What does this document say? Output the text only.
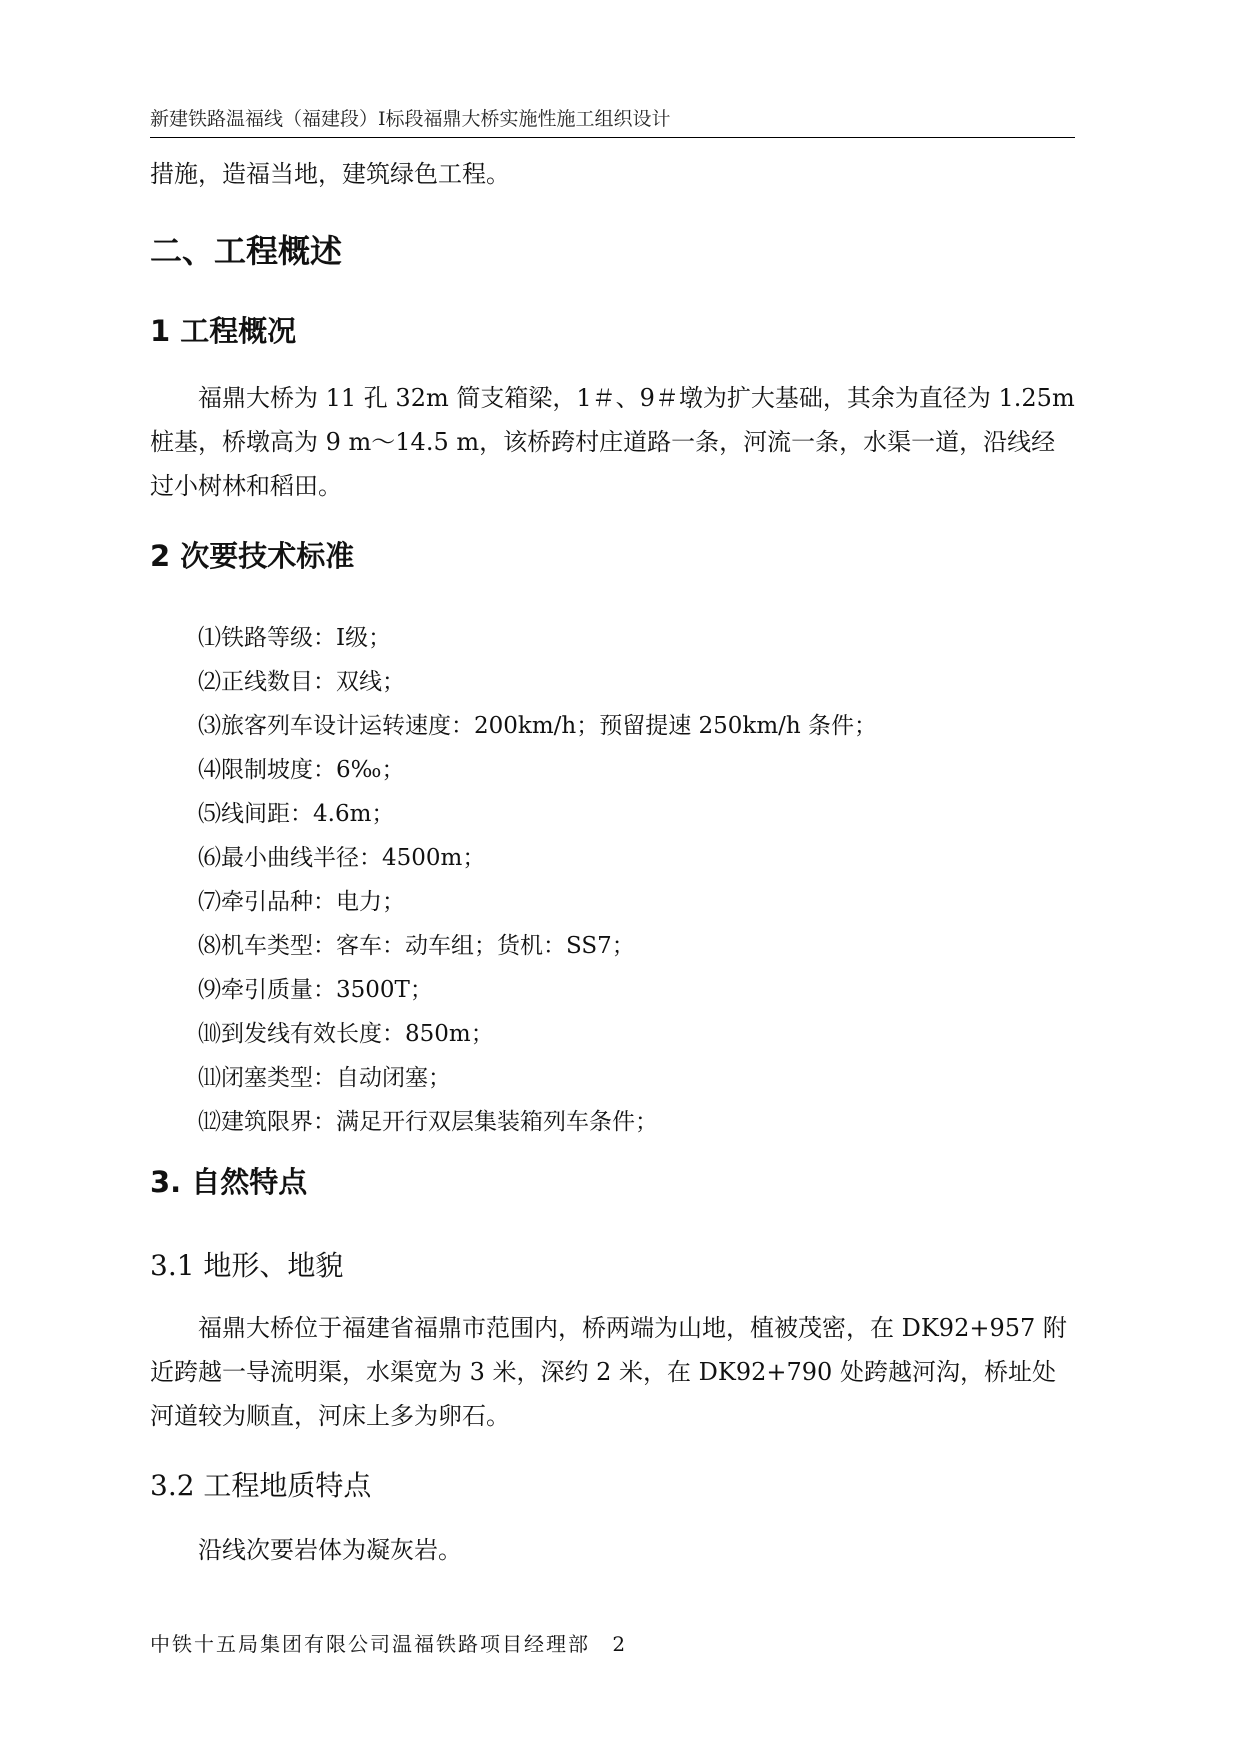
新建铁路温福线（福建段）Ⅰ标段福鼎大桥实施性施工组织设计

措施，造福当地，建筑绿色工程。

二、工程概述
1 工程概况

福鼎大桥为 11 孔 32m 简支箱梁，1＃、9＃墩为扩大基础，其余为直径为 1.25m 桩基，桥墩高为 9 m～14.5 m，该桥跨村庄道路一条，河流一条，水渠一道，沿线经过小树林和稻田。

2 次要技术标准
⑴铁路等级：Ⅰ级；
⑵正线数目：双线；
⑶旅客列车设计运转速度：200km/h；预留提速 250km/h 条件；
⑷限制坡度：6‰；
⑸线间距：4.6m；
⑹最小曲线半径：4500m；
⑺牵引品种：电力；
⑻机车类型：客车：动车组；货机：SS7；
⑼牵引质量：3500T；
⑽到发线有效长度：850m；
⑾闭塞类型：自动闭塞；
⑿建筑限界：满足开行双层集装箱列车条件；
3. 自然特点
3.1 地形、地貌

福鼎大桥位于福建省福鼎市范围内，桥两端为山地，植被茂密，在 DK92+957 附近跨越一导流明渠，水渠宽为 3 米，深约 2 米，在 DK92+790 处跨越河沟，桥址处河道较为顺直，河床上多为卵石。

3.2 工程地质特点

沿线次要岩体为凝灰岩。

中铁十五局集团有限公司温福铁路项目经理部 2
